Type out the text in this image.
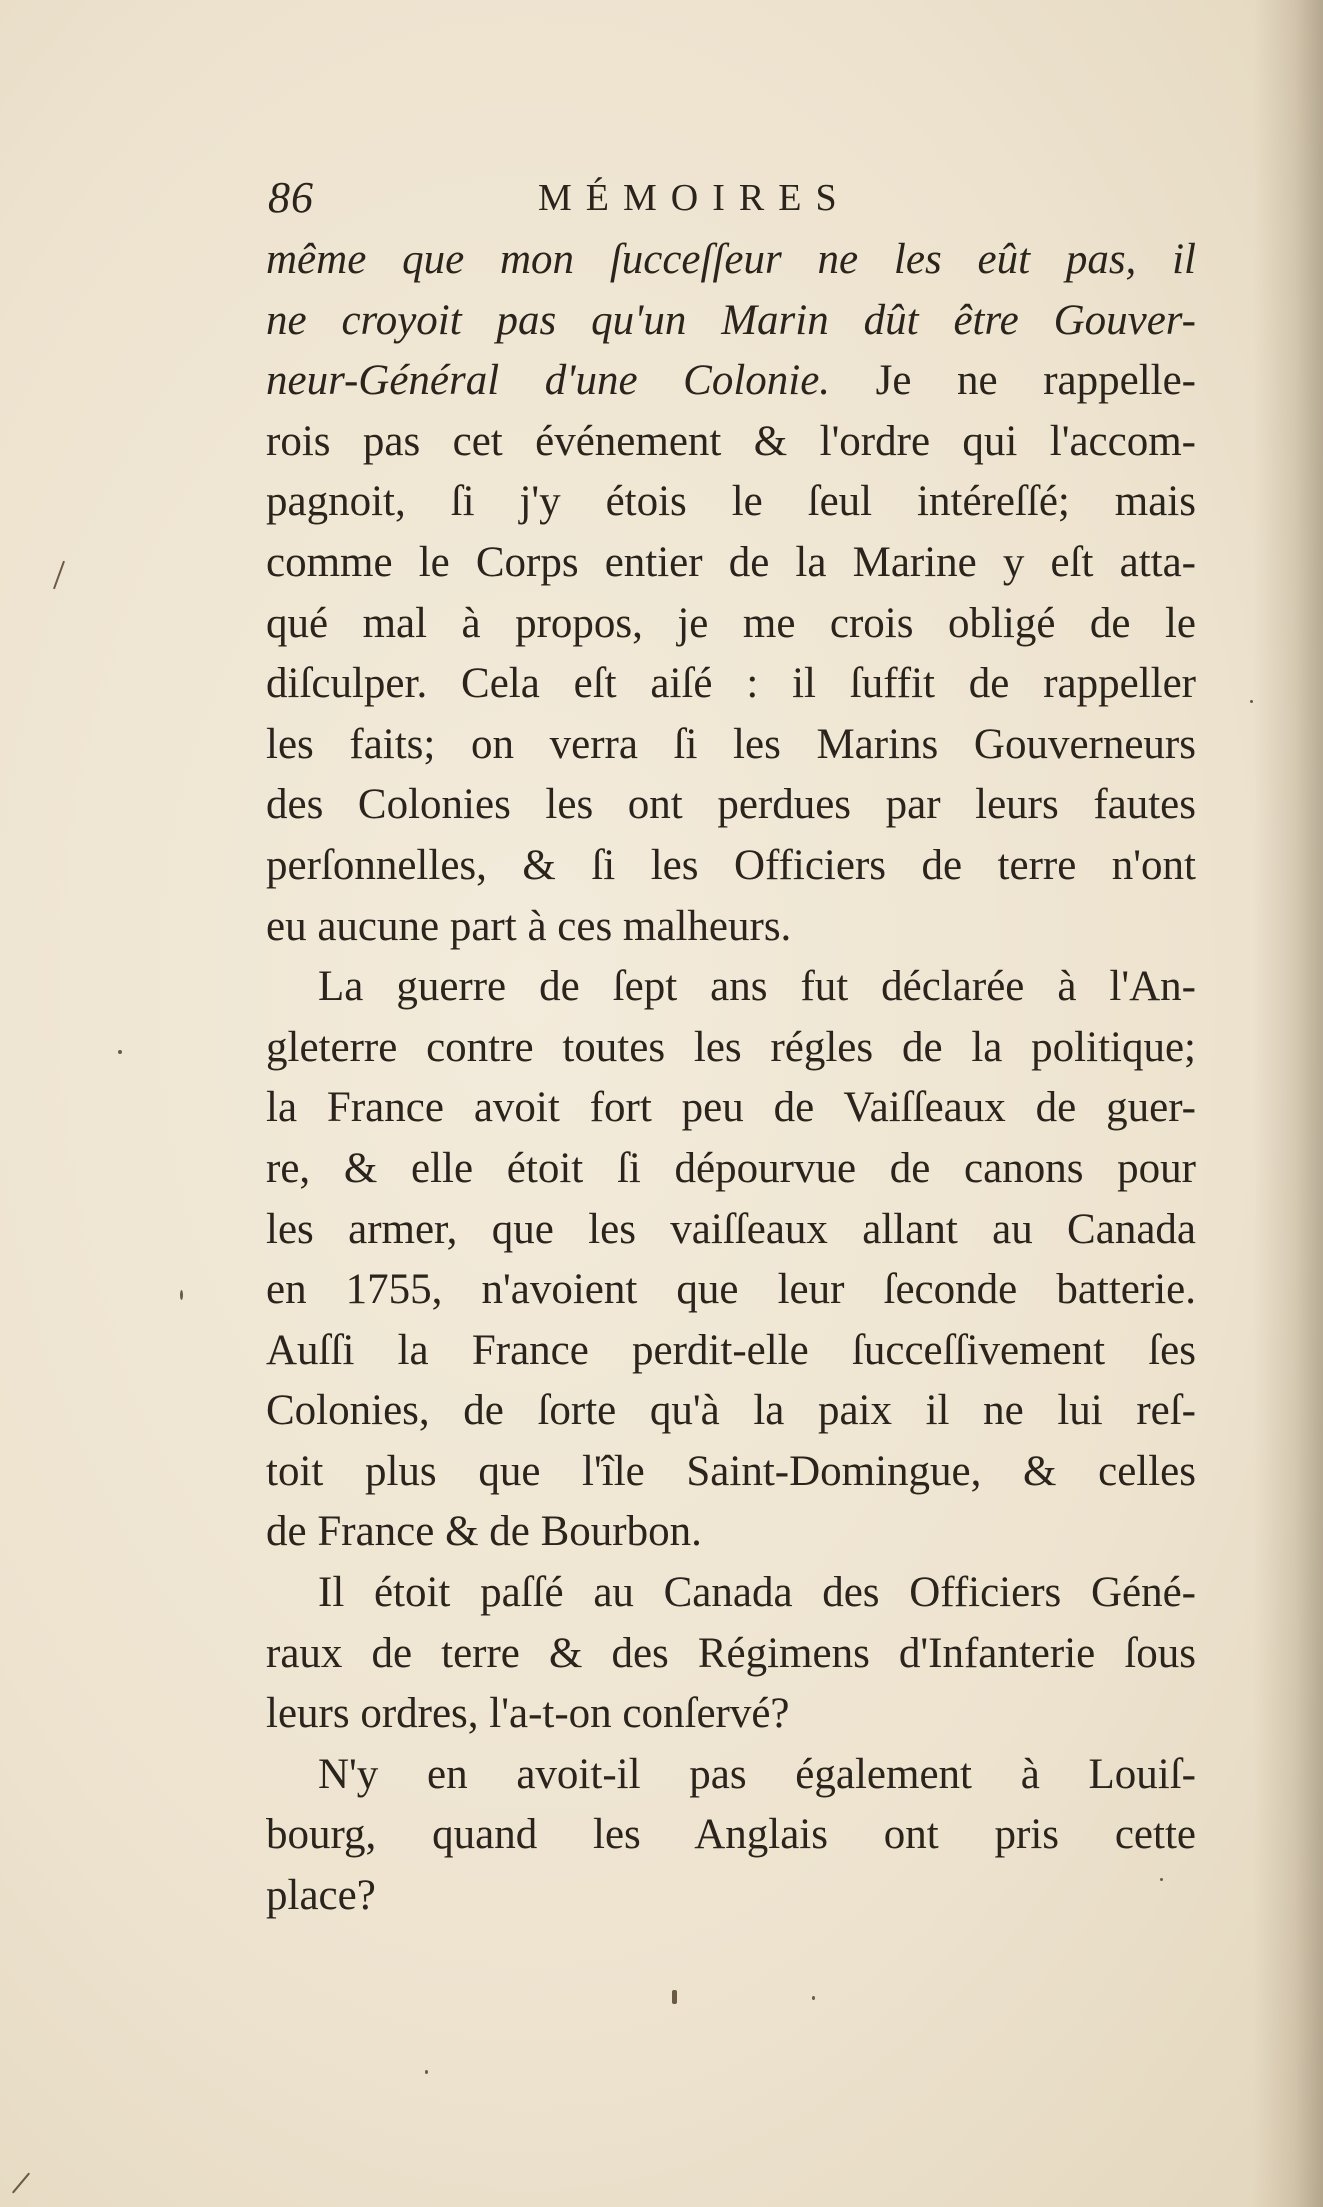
86	MÉMOIRES
même que mon ſucceſſeur ne les eût pas, il
ne croyoit pas qu'un Marin dût être Gouver-
neur-Général d'une Colonie. Je ne rappelle-
rois pas cet événement & l'ordre qui l'accom-
pagnoit, ſi j'y étois le ſeul intéreſſé; mais
comme le Corps entier de la Marine y eſt atta-
qué mal à propos, je me crois obligé de le
diſculper. Cela eſt aiſé : il ſuffit de rappeller
les faits; on verra ſi les Marins Gouverneurs
des Colonies les ont perdues par leurs fautes
perſonnelles, & ſi les Officiers de terre n'ont
eu aucune part à ces malheurs.
La guerre de ſept ans fut déclarée à l'An-
gleterre contre toutes les régles de la politique;
la France avoit fort peu de Vaiſſeaux de guer-
re, & elle étoit ſi dépourvue de canons pour
les armer, que les vaiſſeaux allant au Canada
en 1755, n'avoient que leur ſeconde batterie.
Auſſi la France perdit-elle ſucceſſivement ſes
Colonies, de ſorte qu'à la paix il ne lui reſ-
toit plus que l'île Saint-Domingue, & celles
de France & de Bourbon.
Il étoit paſſé au Canada des Officiers Géné-
raux de terre & des Régimens d'Infanterie ſous
leurs ordres, l'a-t-on conſervé?
N'y en avoit-il pas également à Louiſ-
bourg, quand les Anglais ont pris cette
place?
